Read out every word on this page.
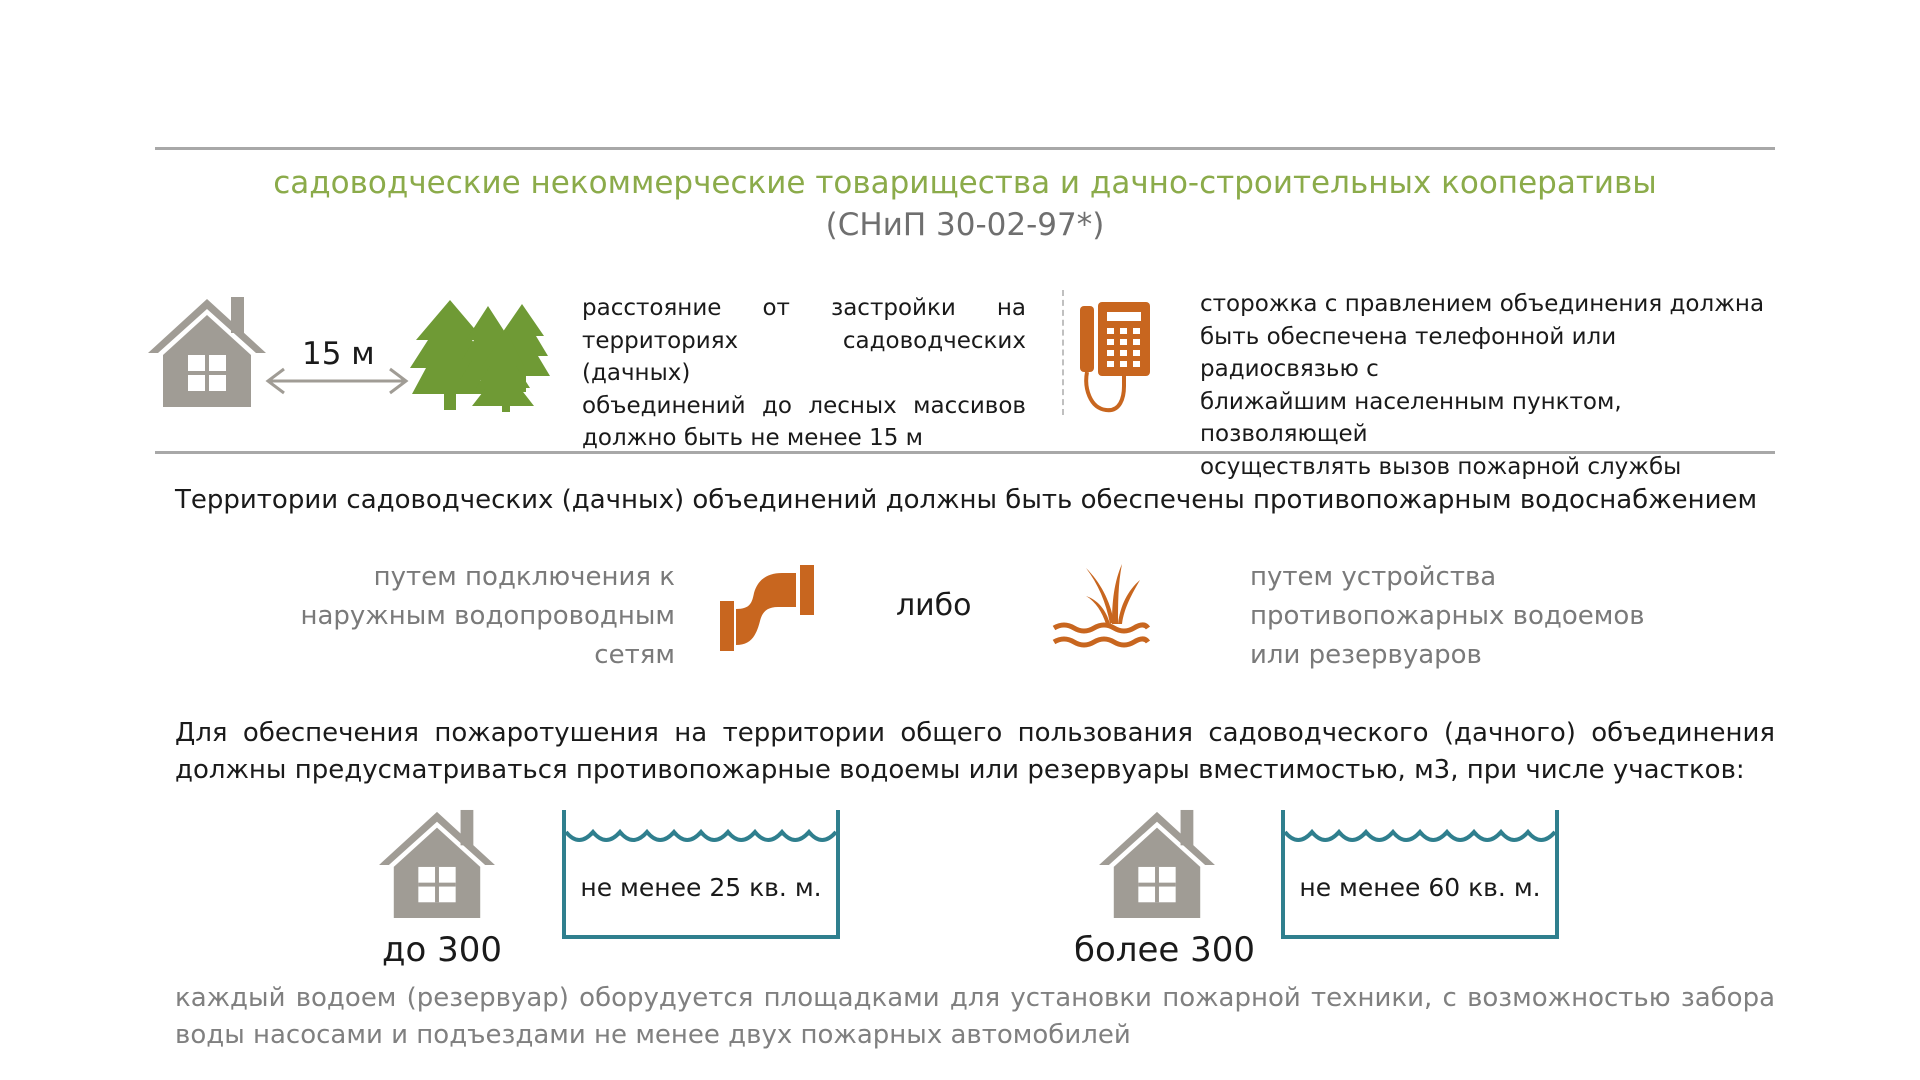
садоводческие некоммерческие товарищества и дачно-строительных кооперативы
(СНиП 30-02-97*)
15 м
расстояние от застройки на
территориях садоводческих (дачных)
объединений до лесных массивов
должно быть не менее 15 м
сторожка с правлением объединения должна
быть обеспечена телефонной или радиосвязью с
ближайшим населенным пунктом, позволяющей
осуществлять вызов пожарной службы
Территории садоводческих (дачных) объединений должны быть обеспечены противопожарным водоснабжением
путем подключения к
наружным водопроводным
сетям
либо
путем устройства
противопожарных водоемов
или резервуаров
Для обеспечения пожаротушения на территории общего пользования садоводческого (дачного) объединения
должны предусматриваться противопожарные водоемы или резервуары вместимостью, м3, при числе участков:
до 300
не менее 25 кв. м.
более 300
не менее 60 кв. м.
каждый водоем (резервуар) оборудуется площадками для установки пожарной техники, с возможностью забора
воды насосами и подъездами не менее двух пожарных автомобилей
